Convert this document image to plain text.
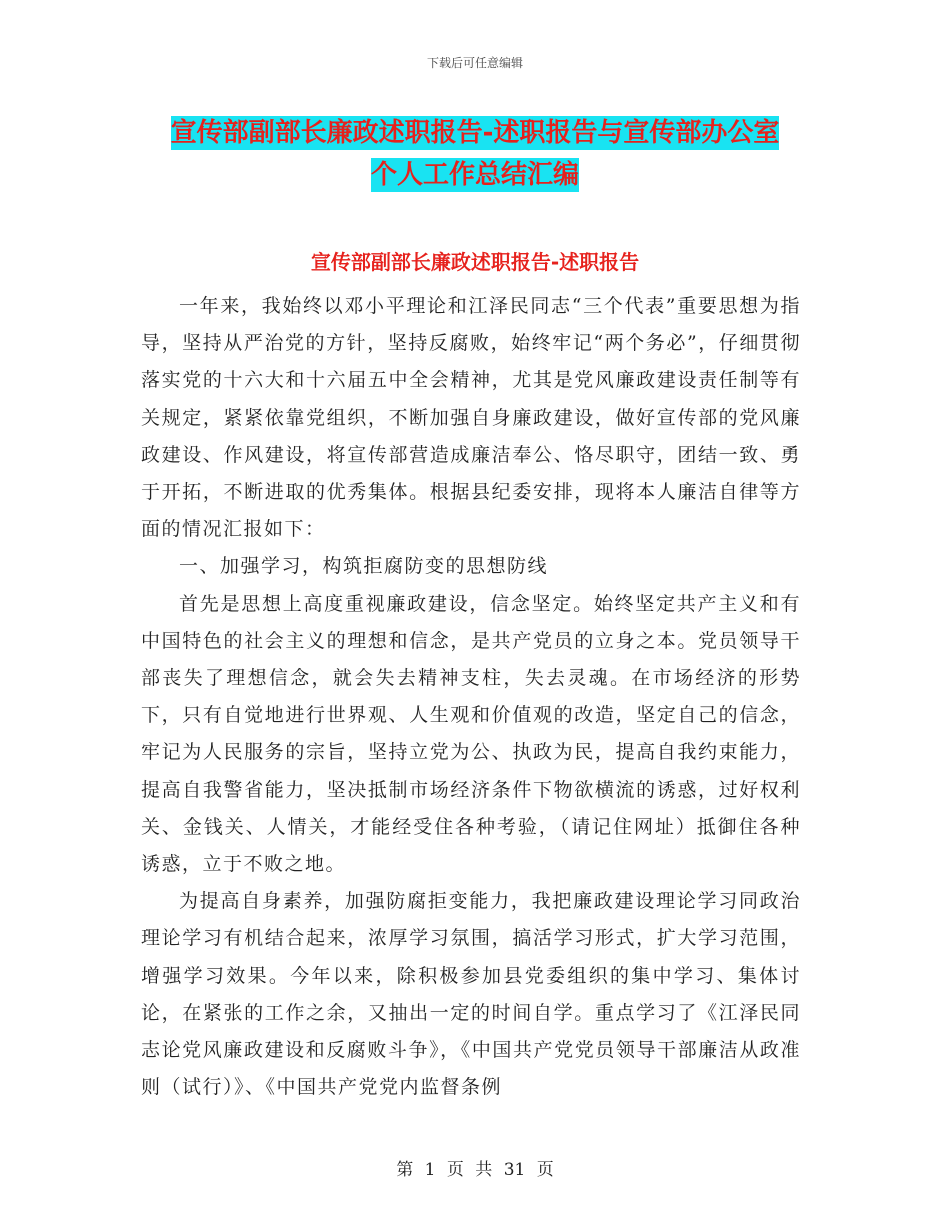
下载后可任意编辑
宣传部副部长廉政述职报告-述职报告与宣传部办公室
个人工作总结汇编
宣传部副部长廉政述职报告-述职报告

一年来，我始终以邓小平理论和江泽民同志“三个代表”重要思想为指导，坚持从严治党的方针，坚持反腐败，始终牢记“两个务必”，仔细贯彻落实党的十六大和十六届五中全会精神，尤其是党风廉政建设责任制等有关规定，紧紧依靠党组织，不断加强自身廉政建设，做好宣传部的党风廉政建设、作风建设，将宣传部营造成廉洁奉公、恪尽职守，团结一致、勇于开拓，不断进取的优秀集体。根据县纪委安排，现将本人廉洁自律等方面的情况汇报如下：

一、加强学习，构筑拒腐防变的思想防线

首先是思想上高度重视廉政建设，信念坚定。始终坚定共产主义和有中国特色的社会主义的理想和信念，是共产党员的立身之本。党员领导干部丧失了理想信念，就会失去精神支柱，失去灵魂。在市场经济的形势下，只有自觉地进行世界观、人生观和价值观的改造，坚定自己的信念，牢记为人民服务的宗旨，坚持立党为公、执政为民，提高自我约束能力，提高自我警省能力，坚决抵制市场经济条件下物欲横流的诱惑，过好权利关、金钱关、人情关，才能经受住各种考验，（请记住网址）抵御住各种诱惑，立于不败之地。

为提高自身素养，加强防腐拒变能力，我把廉政建设理论学习同政治理论学习有机结合起来，浓厚学习氛围，搞活学习形式，扩大学习范围，增强学习效果。今年以来，除积极参加县党委组织的集中学习、集体讨论，在紧张的工作之余，又抽出一定的时间自学。重点学习了《江泽民同志论党风廉政建设和反腐败斗争》，《中国共产党党员领导干部廉洁从政准则（试行）》、《中国共产党党内监督条例

第 1 页 共 31 页
